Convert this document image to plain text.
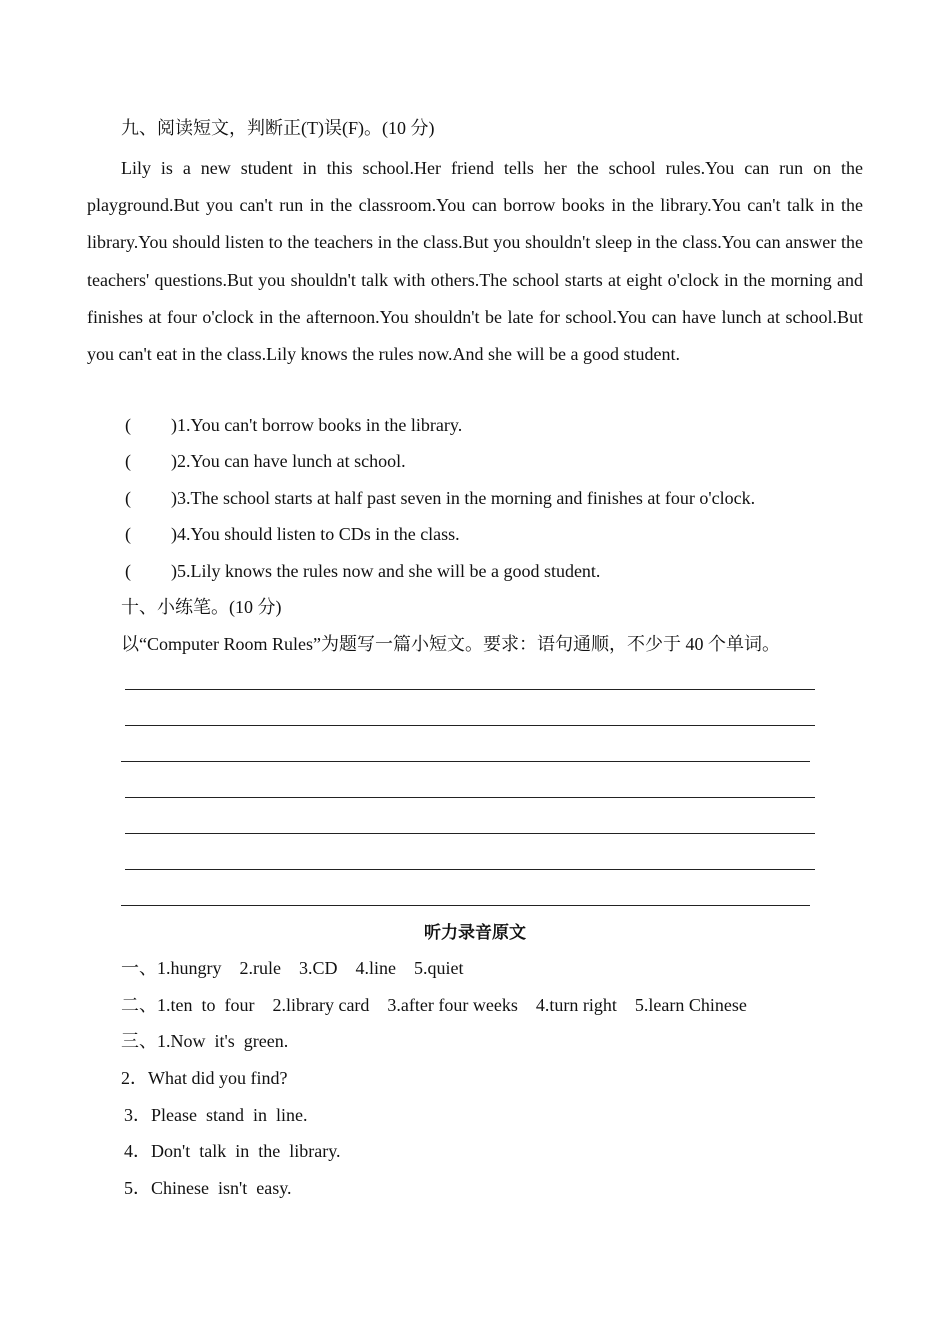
九、阅读短文，判断正(T)误(F)。(10 分)
Lily is a new student in this school.Her friend tells her the school rules.You can run on the playground.But you can't run in the classroom.You can borrow books in the library.You can't talk in the library.You should listen to the teachers in the class.But you shouldn't sleep in the class.You can answer the teachers' questions.But you shouldn't talk with others.The school starts at eight o'clock in the morning and finishes at four o'clock in the afternoon.You shouldn't be late for school.You can have lunch at school.But you can't eat in the class.Lily knows the rules now.And she will be a good student.
( )1.You can't borrow books in the library.
( )2.You can have lunch at school.
( )3.The school starts at half past seven in the morning and finishes at four o'clock.
( )4.You should listen to CDs in the class.
( )5.Lily knows the rules now and she will be a good student.
十、小练笔。(10 分)
以“Computer Room Rules”为题写一篇小短文。要求：语句通顺，不少于 40 个单词。
听力录音原文
一、1.hungry    2.rule    3.CD    4.line    5.quiet
二、1.ten  to  four    2.library card    3.after four weeks    4.turn right    5.learn Chinese
三、1.Now  it's  green.
2．What did you find?
3．Please  stand  in  line.
4．Don't  talk  in  the  library.
5．Chinese  isn't  easy.
